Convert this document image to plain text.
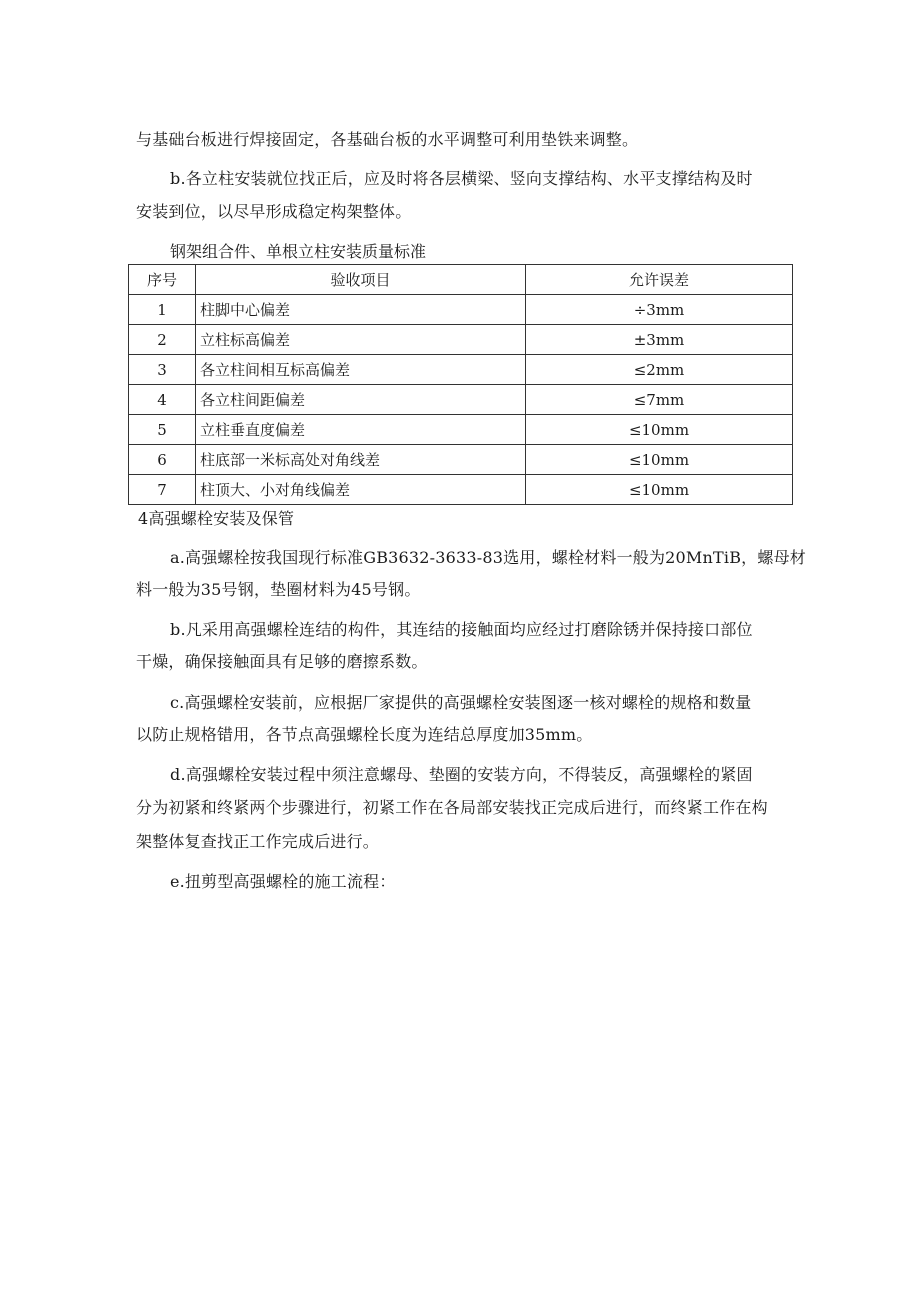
与基础台板进行焊接固定，各基础台板的水平调整可利用垫铁来调整。
b.各立柱安装就位找正后，应及时将各层横梁、竖向支撑结构、水平支撑结构及时
安装到位，以尽早形成稳定构架整体。
钢架组合件、单根立柱安装质量标准
序号	验收项目	允许误差
1	柱脚中心偏差	÷3mm
2	立柱标高偏差	±3mm
3	各立柱间相互标高偏差	≤2mm
4	各立柱间距偏差	≤7mm
5	立柱垂直度偏差	≤10mm
6	柱底部一米标高处对角线差	≤10mm
7	柱顶大、小对角线偏差	≤10mm
4高强螺栓安装及保管
a.高强螺栓按我国现行标准GB3632-3633-83选用，螺栓材料一般为20MnTiB，螺母材
料一般为35号钢，垫圈材料为45号钢。
b.凡采用高强螺栓连结的构件，其连结的接触面均应经过打磨除锈并保持接口部位
干燥，确保接触面具有足够的磨擦系数。
c.高强螺栓安装前，应根据厂家提供的高强螺栓安装图逐一核对螺栓的规格和数量
以防止规格错用，各节点高强螺栓长度为连结总厚度加35mm。
d.高强螺栓安装过程中须注意螺母、垫圈的安装方向，不得装反，高强螺栓的紧固
分为初紧和终紧两个步骤进行，初紧工作在各局部安装找正完成后进行，而终紧工作在构
架整体复查找正工作完成后进行。
e.扭剪型高强螺栓的施工流程：
